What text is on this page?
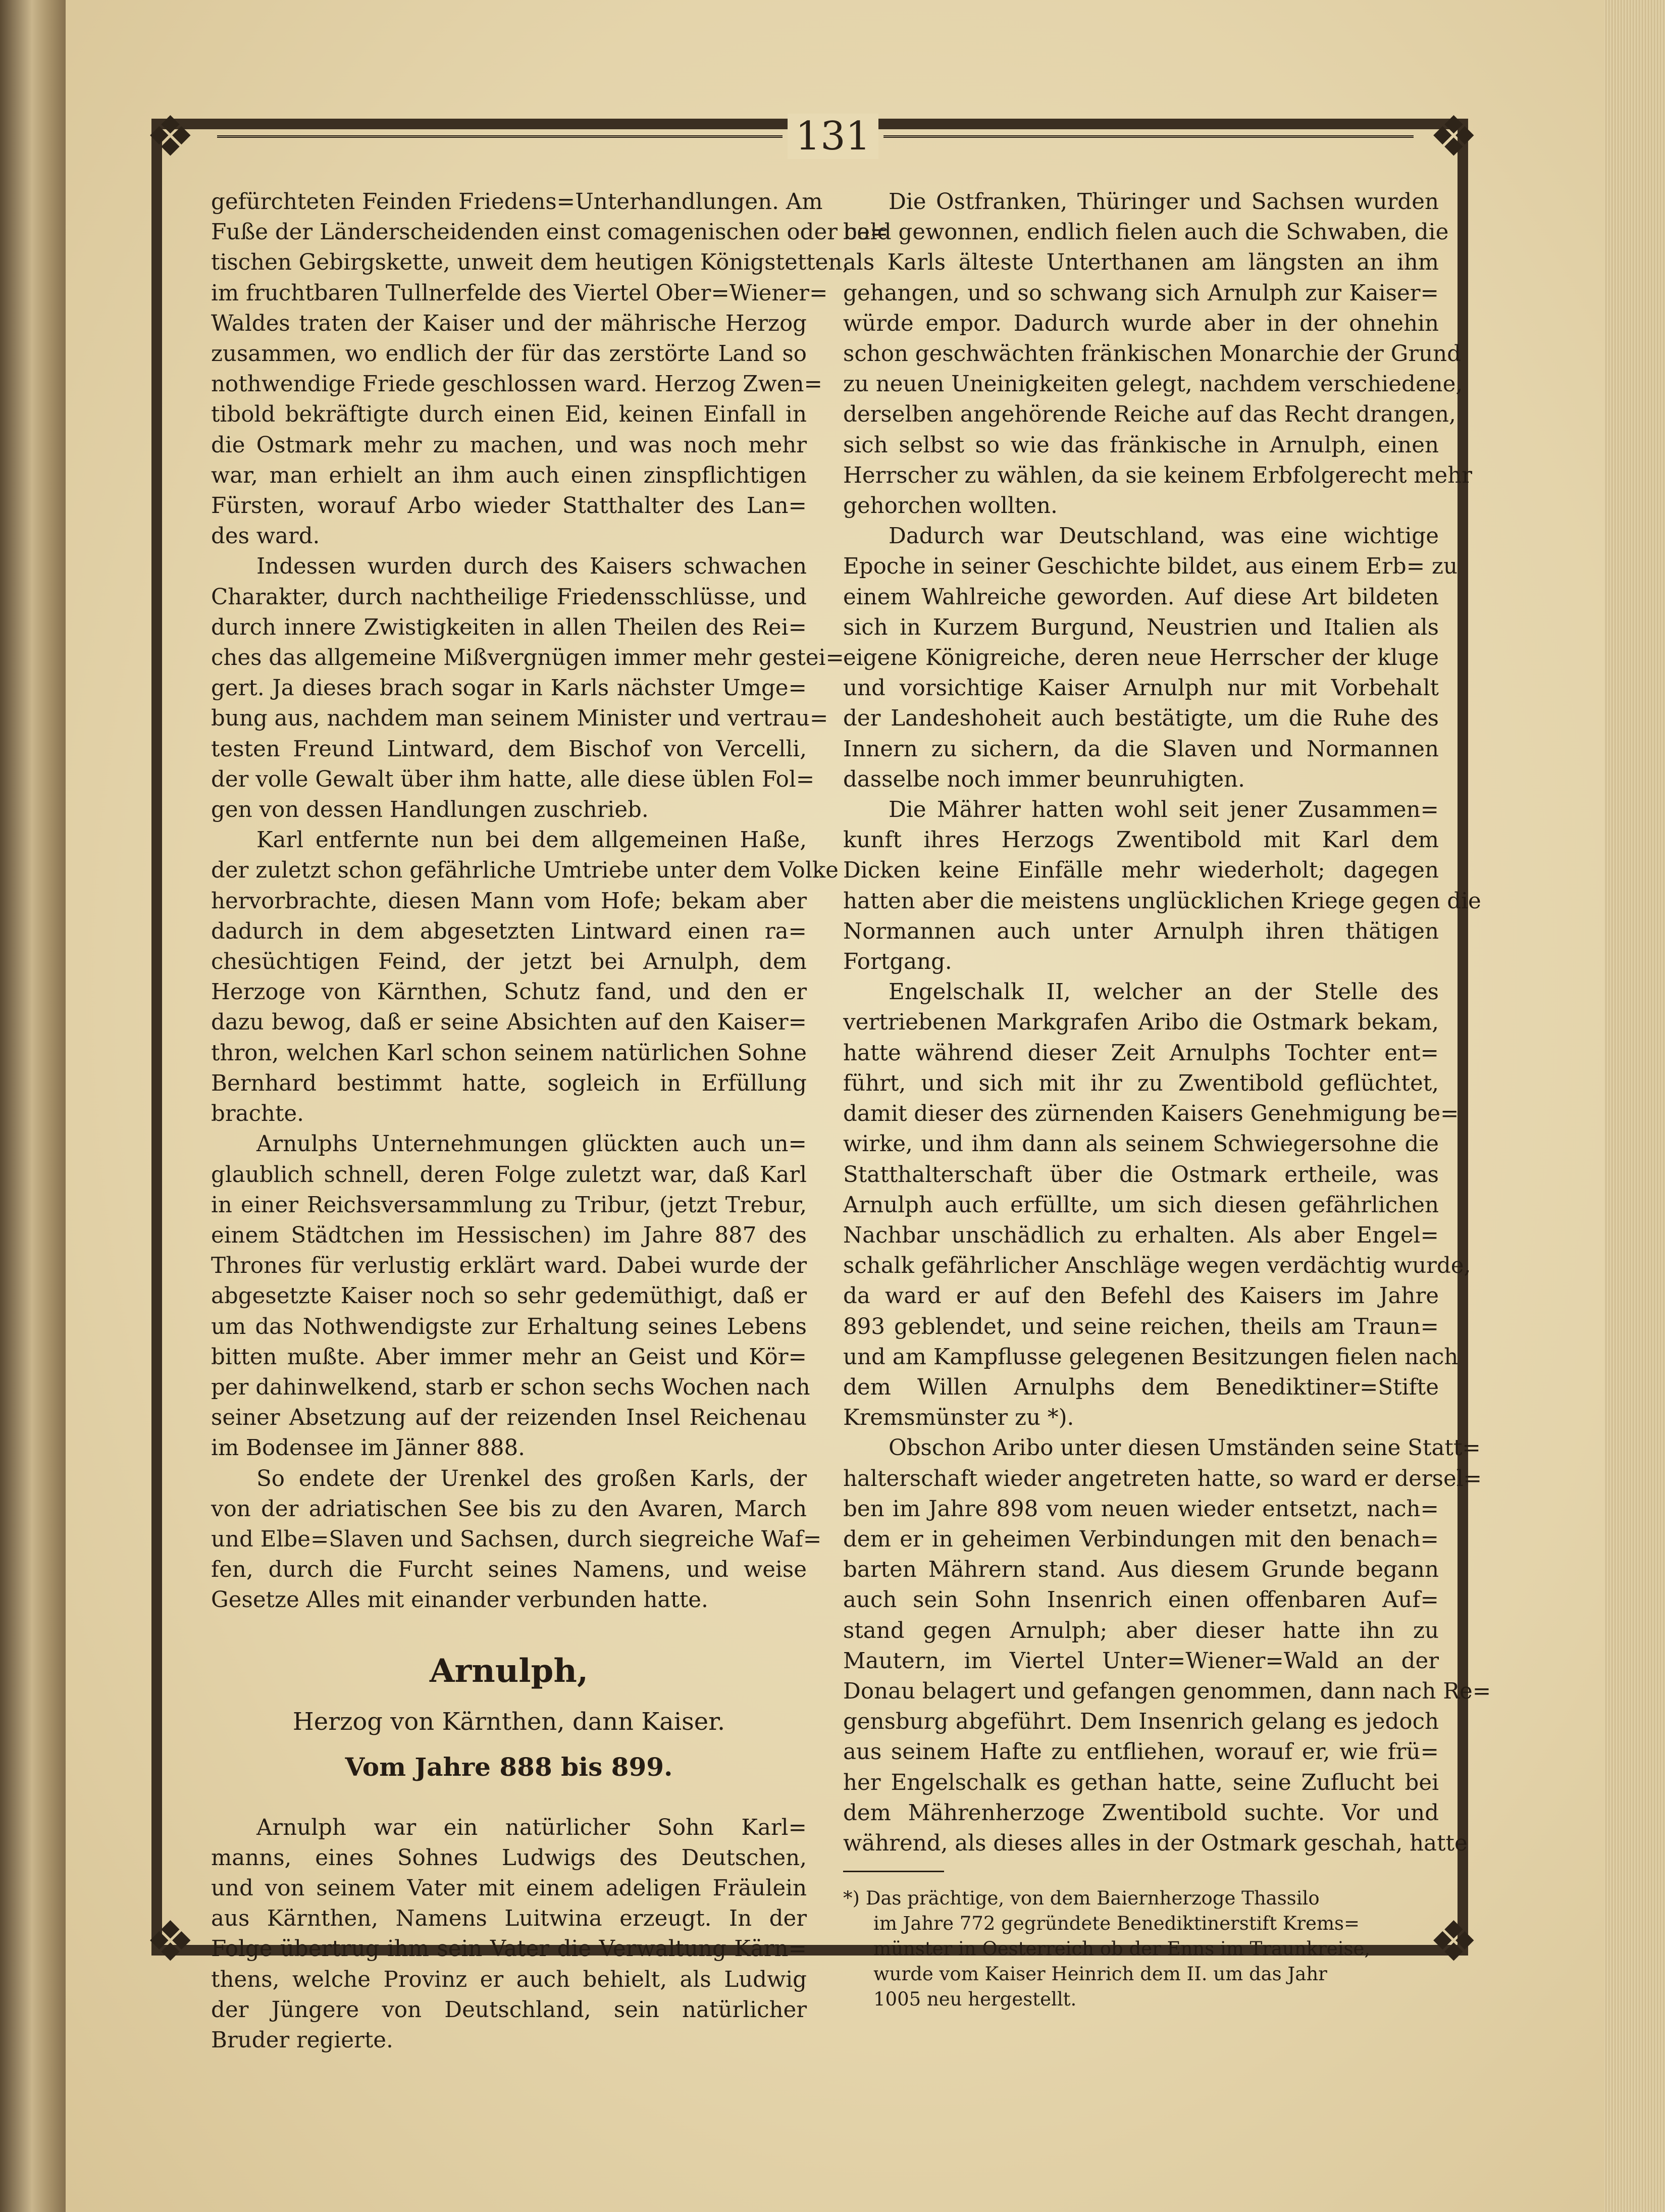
❖	❖
❖	❖
131

gefürchteten Feinden Friedens=Unterhandlungen. Am

Fuße der Länderscheidenden einst comagenischen oder ce=

tischen Gebirgskette, unweit dem heutigen Königstetten,

im fruchtbaren Tullnerfelde des Viertel Ober=Wiener=

Waldes traten der Kaiser und der mährische Herzog

zusammen, wo endlich der für das zerstörte Land so

nothwendige Friede geschlossen ward. Herzog Zwen=

tibold bekräftigte durch einen Eid, keinen Einfall in

die Ostmark mehr zu machen, und was noch mehr

war, man erhielt an ihm auch einen zinspflichtigen

Fürsten, worauf Arbo wieder Statthalter des Lan=

des ward.

Indessen wurden durch des Kaisers schwachen

Charakter, durch nachtheilige Friedensschlüsse, und

durch innere Zwistigkeiten in allen Theilen des Rei=

ches das allgemeine Mißvergnügen immer mehr gestei=

gert. Ja dieses brach sogar in Karls nächster Umge=

bung aus, nachdem man seinem Minister und vertrau=

testen Freund Lintward, dem Bischof von Vercelli,

der volle Gewalt über ihm hatte, alle diese üblen Fol=

gen von dessen Handlungen zuschrieb.

Karl entfernte nun bei dem allgemeinen Haße,

der zuletzt schon gefährliche Umtriebe unter dem Volke

hervorbrachte, diesen Mann vom Hofe; bekam aber

dadurch in dem abgesetzten Lintward einen ra=

chesüchtigen Feind, der jetzt bei Arnulph, dem

Herzoge von Kärnthen, Schutz fand, und den er

dazu bewog, daß er seine Absichten auf den Kaiser=

thron, welchen Karl schon seinem natürlichen Sohne

Bernhard bestimmt hatte, sogleich in Erfüllung

brachte.

Arnulphs Unternehmungen glückten auch un=

glaublich schnell, deren Folge zuletzt war, daß Karl

in einer Reichsversammlung zu Tribur, (jetzt Trebur,

einem Städtchen im Hessischen) im Jahre 887 des

Thrones für verlustig erklärt ward. Dabei wurde der

abgesetzte Kaiser noch so sehr gedemüthigt, daß er

um das Nothwendigste zur Erhaltung seines Lebens

bitten mußte. Aber immer mehr an Geist und Kör=

per dahinwelkend, starb er schon sechs Wochen nach

seiner Absetzung auf der reizenden Insel Reichenau

im Bodensee im Jänner 888.

So endete der Urenkel des großen Karls, der

von der adriatischen See bis zu den Avaren, March

und Elbe=Slaven und Sachsen, durch siegreiche Waf=

fen, durch die Furcht seines Namens, und weise

Gesetze Alles mit einander verbunden hatte.

Arnulph,

Herzog von Kärnthen, dann Kaiser.

Vom Jahre 888 bis 899.

Arnulph war ein natürlicher Sohn Karl=

manns, eines Sohnes Ludwigs des Deutschen,

und von seinem Vater mit einem adeligen Fräulein

aus Kärnthen, Namens Luitwina erzeugt. In der

Folge übertrug ihm sein Vater die Verwaltung Kärn=

thens, welche Provinz er auch behielt, als Ludwig

der Jüngere von Deutschland, sein natürlicher

Bruder regierte.

Die Ostfranken, Thüringer und Sachsen wurden

bald gewonnen, endlich fielen auch die Schwaben, die

als Karls älteste Unterthanen am längsten an ihm

gehangen, und so schwang sich Arnulph zur Kaiser=

würde empor. Dadurch wurde aber in der ohnehin

schon geschwächten fränkischen Monarchie der Grund

zu neuen Uneinigkeiten gelegt, nachdem verschiedene,

derselben angehörende Reiche auf das Recht drangen,

sich selbst so wie das fränkische in Arnulph, einen

Herrscher zu wählen, da sie keinem Erbfolgerecht mehr

gehorchen wollten.

Dadurch war Deutschland, was eine wichtige

Epoche in seiner Geschichte bildet, aus einem Erb= zu

einem Wahlreiche geworden. Auf diese Art bildeten

sich in Kurzem Burgund, Neustrien und Italien als

eigene Königreiche, deren neue Herrscher der kluge

und vorsichtige Kaiser Arnulph nur mit Vorbehalt

der Landeshoheit auch bestätigte, um die Ruhe des

Innern zu sichern, da die Slaven und Normannen

dasselbe noch immer beunruhigten.

Die Mährer hatten wohl seit jener Zusammen=

kunft ihres Herzogs Zwentibold mit Karl dem

Dicken keine Einfälle mehr wiederholt; dagegen

hatten aber die meistens unglücklichen Kriege gegen die

Normannen auch unter Arnulph ihren thätigen

Fortgang.

Engelschalk II, welcher an der Stelle des

vertriebenen Markgrafen Aribo die Ostmark bekam,

hatte während dieser Zeit Arnulphs Tochter ent=

führt, und sich mit ihr zu Zwentibold geflüchtet,

damit dieser des zürnenden Kaisers Genehmigung be=

wirke, und ihm dann als seinem Schwiegersohne die

Statthalterschaft über die Ostmark ertheile, was

Arnulph auch erfüllte, um sich diesen gefährlichen

Nachbar unschädlich zu erhalten. Als aber Engel=

schalk gefährlicher Anschläge wegen verdächtig wurde,

da ward er auf den Befehl des Kaisers im Jahre

893 geblendet, und seine reichen, theils am Traun=

und am Kampflusse gelegenen Besitzungen fielen nach

dem Willen Arnulphs dem Benediktiner=Stifte

Kremsmünster zu *).

Obschon Aribo unter diesen Umständen seine Statt=

halterschaft wieder angetreten hatte, so ward er dersel=

ben im Jahre 898 vom neuen wieder entsetzt, nach=

dem er in geheimen Verbindungen mit den benach=

barten Mährern stand. Aus diesem Grunde begann

auch sein Sohn Insenrich einen offenbaren Auf=

stand gegen Arnulph; aber dieser hatte ihn zu

Mautern, im Viertel Unter=Wiener=Wald an der

Donau belagert und gefangen genommen, dann nach Re=

gensburg abgeführt. Dem Insenrich gelang es jedoch

aus seinem Hafte zu entfliehen, worauf er, wie frü=

her Engelschalk es gethan hatte, seine Zuflucht bei

dem Mährenherzoge Zwentibold suchte. Vor und

während, als dieses alles in der Ostmark geschah, hatte

*) Das prächtige, von dem Baiernherzoge Thassilo

im Jahre 772 gegründete Benediktinerstift Krems=

münster in Oesterreich ob der Enns im Traunkreise,

wurde vom Kaiser Heinrich dem II. um das Jahr

1005 neu hergestellt.
